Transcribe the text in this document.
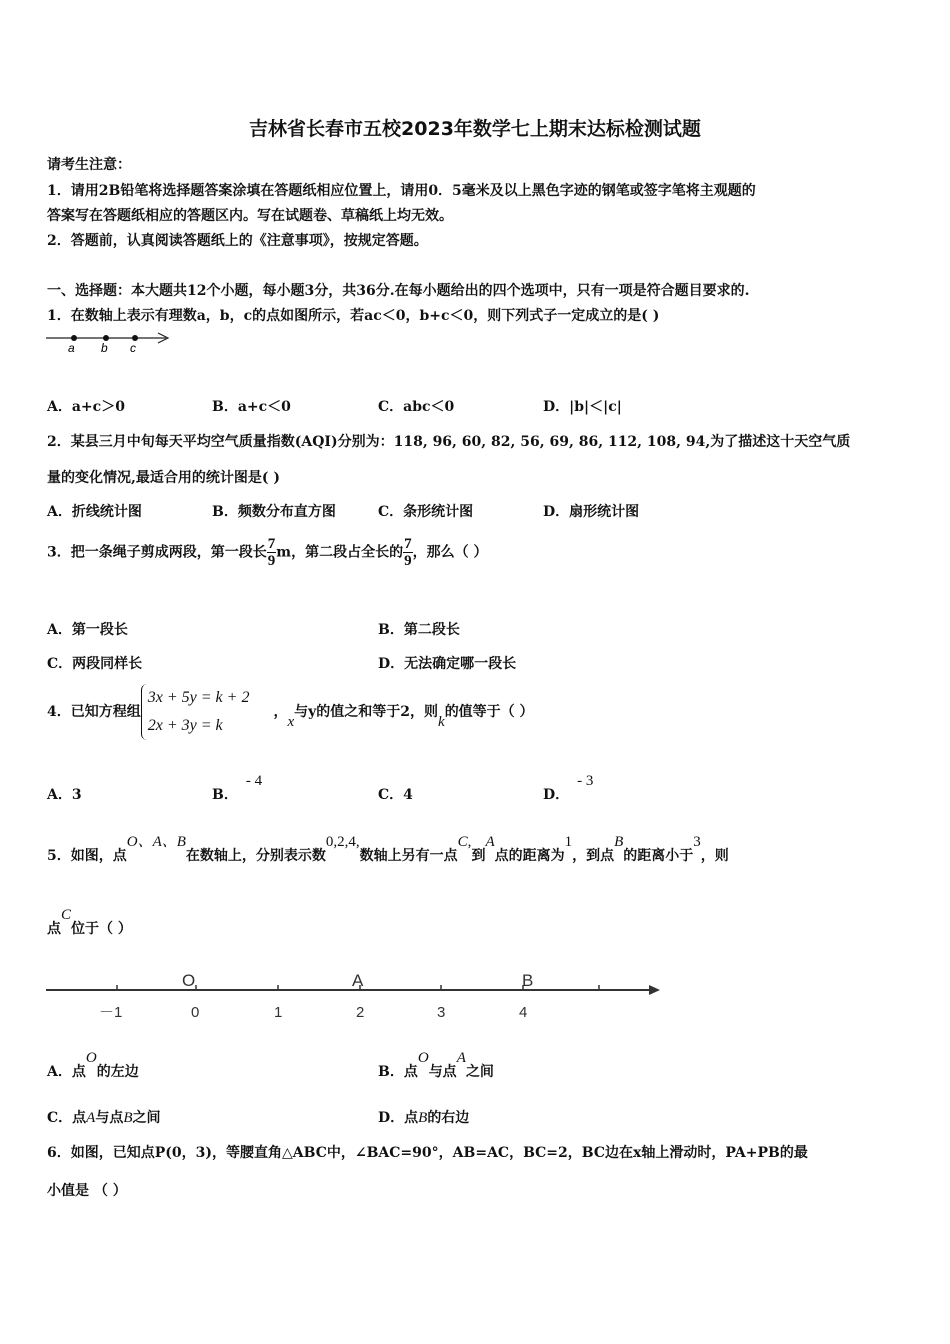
吉林省长春市五校2023年数学七上期末达标检测试题
请考生注意：
1．请用2B铅笔将选择题答案涂填在答题纸相应位置上，请用0．5毫米及以上黑色字迹的钢笔或签字笔将主观题的
答案写在答题纸相应的答题区内。写在试题卷、草稿纸上均无效。
2．答题前，认真阅读答题纸上的《注意事项》，按规定答题。
一、选择题：本大题共12个小题，每小题3分，共36分.在每小题给出的四个选项中，只有一项是符合题目要求的.
1．在数轴上表示有理数a，b，c的点如图所示，若ac＜0，b+c＜0，则下列式子一定成立的是( )
a b c
A．a+c＞0	B．a+c＜0	C．abc＜0	D．|b|＜|c|
2．某县三月中旬每天平均空气质量指数(AQI)分别为：118, 96, 60, 82, 56, 69, 86, 112, 108, 94,为了描述这十天空气质
量的变化情况,最适合用的统计图是( )
A．折线统计图	B．频数分布直方图	C．条形统计图	D．扇形统计图
3．把一条绳子剪成两段，第一段长 $\frac{7}{9}$ m，第二段占全长的 $\frac{7}{9}$ ，那么（ ）
A．第一段长	B．第二段长
C．两段同样长	D．无法确定哪一段长
4．已知方程组
3x + 5y = k + 2
2x + 3y = k
，x与y的值之和等于2，则k的值等于（ ）
A．3	B．- 4
C．4	D．- 3
5．如图，点O、A、B在数轴上，分别表示数0,2,4,数轴上另有一点C,到A点的距离为1，到点B的距离小于3，则
点C位于（ ）
O	A	B
－1	0	1	2	3	4
A．点O的左边	B．点O与点A之间
C．点A与点B之间	D．点B的右边
6．如图，已知点P(0，3)，等腰直角△ABC中，∠BAC=90°，AB=AC，BC=2，BC边在x轴上滑动时，PA+PB的最
小值是 （ ）
